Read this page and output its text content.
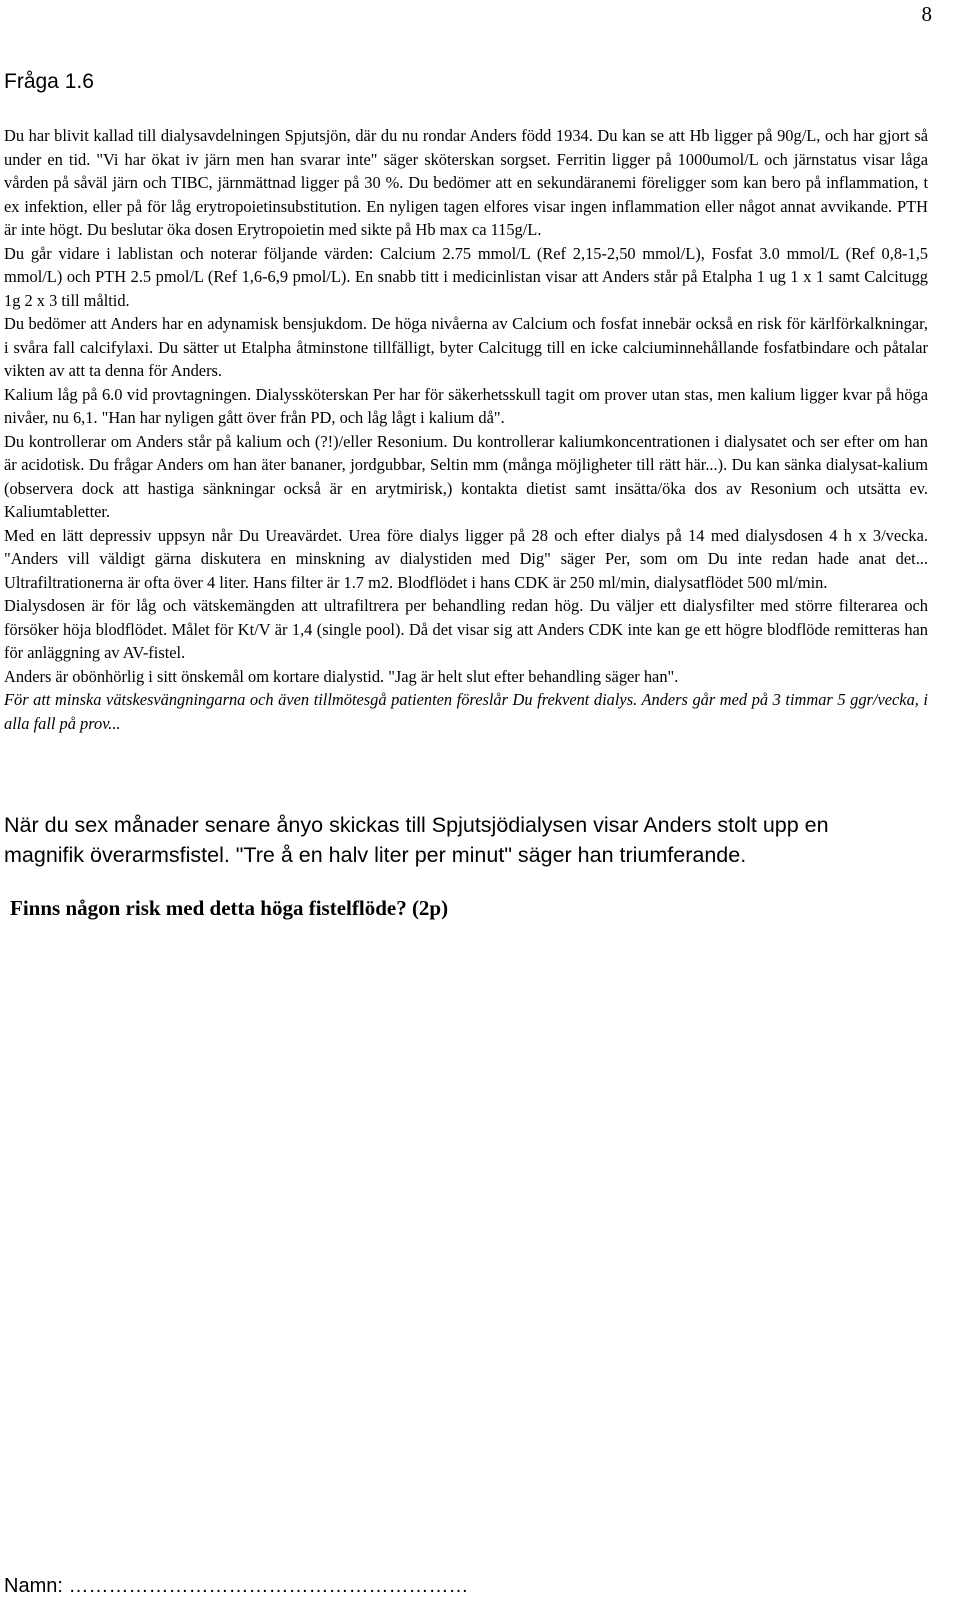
8
Fråga 1.6

Du har blivit kallad till dialysavdelningen Spjutsjön, där du nu rondar Anders född 1934. Du kan se att Hb ligger på 90g/L, och har gjort så under en tid. "Vi har ökat iv järn men han svarar inte" säger sköterskan sorgset. Ferritin ligger på 1000umol/L och järnstatus visar låga vården på såväl järn och TIBC, järnmättnad ligger på 30 %. Du bedömer att en sekundäranemi föreligger som kan bero på inflammation, t ex infektion, eller på för låg erytropoietinsubstitution. En nyligen tagen elfores visar ingen inflammation eller något annat avvikande. PTH är inte högt. Du beslutar öka dosen Erytropoietin med sikte på Hb max ca 115g/L.

Du går vidare i lablistan och noterar följande värden: Calcium 2.75 mmol/L (Ref 2,15-2,50 mmol/L), Fosfat 3.0 mmol/L (Ref 0,8-1,5 mmol/L) och PTH 2.5 pmol/L (Ref 1,6-6,9 pmol/L). En snabb titt i medicinlistan visar att Anders står på Etalpha 1 ug 1 x 1 samt Calcitugg 1g 2 x 3 till måltid.

Du bedömer att Anders har en adynamisk bensjukdom. De höga nivåerna av Calcium och fosfat innebär också en risk för kärlförkalkningar, i svåra fall calcifylaxi. Du sätter ut Etalpha åtminstone tillfälligt, byter Calcitugg till en icke calciuminnehållande fosfatbindare och påtalar vikten av att ta denna för Anders.

Kalium låg på 6.0 vid provtagningen. Dialyssköterskan Per har för säkerhetsskull tagit om prover utan stas, men kalium ligger kvar på höga nivåer, nu 6,1. "Han har nyligen gått över från PD, och låg lågt i kalium då".

Du kontrollerar om Anders står på kalium och (?!)/eller Resonium. Du kontrollerar kaliumkoncentrationen i dialysatet och ser efter om han är acidotisk. Du frågar Anders om han äter bananer, jordgubbar, Seltin mm (många möjligheter till rätt här...). Du kan sänka dialysat-kalium (observera dock att hastiga sänkningar också är en arytmirisk,) kontakta dietist samt insätta/öka dos av Resonium och utsätta ev. Kaliumtabletter.

Med en lätt depressiv uppsyn når Du Ureavärdet. Urea före dialys ligger på 28 och efter dialys på 14 med dialysdosen 4 h x 3/vecka. "Anders vill väldigt gärna diskutera en minskning av dialystiden med Dig" säger Per, som om Du inte redan hade anat det... Ultrafiltrationerna är ofta över 4 liter. Hans filter är 1.7 m2. Blodflödet i hans CDK är 250 ml/min, dialysatflödet 500 ml/min.

Dialysdosen är för låg och vätskemängden att ultrafiltrera per behandling redan hög. Du väljer ett dialysfilter med större filterarea och försöker höja blodflödet. Målet för Kt/V är 1,4 (single pool). Då det visar sig att Anders CDK inte kan ge ett högre blodflöde remitteras han för anläggning av AV-fistel.

Anders är obönhörlig i sitt önskemål om kortare dialystid. "Jag är helt slut efter behandling säger han".

För att minska vätskesvängningarna och även tillmötesgå patienten föreslår Du frekvent dialys. Anders går med på 3 timmar 5 ggr/vecka, i alla fall på prov...

När du sex månader senare ånyo skickas till Spjutsjödialysen visar Anders stolt upp en
magnifik överarmsfistel. "Tre å en halv liter per minut" säger han triumferande.
Finns någon risk med detta höga fistelflöde? (2p)
Namn: ……………………………………………………
